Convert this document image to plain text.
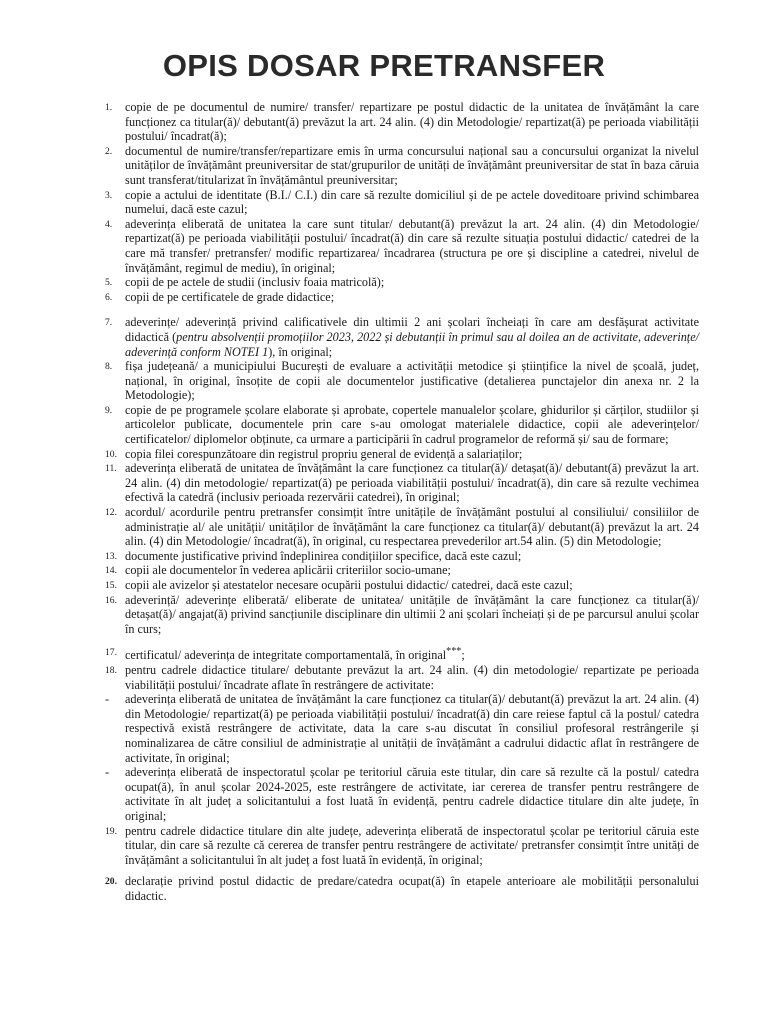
OPIS DOSAR PRETRANSFER
1. copie de pe documentul de numire/ transfer/ repartizare pe postul didactic de la unitatea de învățământ la care funcționez ca titular(ă)/ debutant(ă) prevăzut la art. 24 alin. (4) din Metodologie/ repartizat(ă) pe perioada viabilității postului/ încadrat(ă);
2. documentul de numire/transfer/repartizare emis în urma concursului național sau a concursului organizat la nivelul unităților de învățământ preuniversitar de stat/grupurilor de unități de învățământ preuniversitar de stat în baza căruia sunt transferat/titularizat în învățământul preuniversitar;
3. copie a actului de identitate (B.I./ C.I.) din care să rezulte domiciliul și de pe actele doveditoare privind schimbarea numelui, dacă este cazul;
4. adeverința eliberată de unitatea la care sunt titular/ debutant(ă) prevăzut la art. 24 alin. (4) din Metodologie/ repartizat(ă) pe perioada viabilității postului/ încadrat(ă) din care să rezulte situația postului didactic/ catedrei de la care mă transfer/ pretransfer/ modific repartizarea/ încadrarea (structura pe ore și discipline a catedrei, nivelul de învățământ, regimul de mediu), în original;
5. copii de pe actele de studii (inclusiv foaia matricolă);
6. copii de pe certificatele de grade didactice;
7. adeverințe/ adeverință privind calificativele din ultimii 2 ani școlari încheiați în care am desfășurat activitate didactică (pentru absolvenții promoțiilor 2023, 2022 și debutanții în primul sau al doilea an de activitate, adeverințe/ adeverință conform NOTEI 1), în original;
8. fișa județeană/ a municipiului București de evaluare a activității metodice și științifice la nivel de școală, județ, național, în original, însoțite de copii ale documentelor justificative (detalierea punctajelor din anexa nr. 2 la Metodologie);
9. copie de pe programele școlare elaborate și aprobate, copertele manualelor școlare, ghidurilor și cărților, studiilor și articolelor publicate, documentele prin care s-au omologat materialele didactice, copii ale adeverințelor/ certificatelor/ diplomelor obținute, ca urmare a participării în cadrul programelor de reformă și/ sau de formare;
10. copia filei corespunzătoare din registrul propriu general de evidență a salariaților;
11. adeverința eliberată de unitatea de învățământ la care funcționez ca titular(ă)/ detașat(ă)/ debutant(ă) prevăzut la art. 24 alin. (4) din metodologie/ repartizat(ă) pe perioada viabilității postului/ încadrat(ă), din care să rezulte vechimea efectivă la catedră (inclusiv perioada rezervării catedrei), în original;
12. acordul/ acordurile pentru pretransfer consimțit între unitățile de învățământ postului al consiliului/ consiliilor de administrație al/ ale unității/ unităților de învățământ la care funcționez ca titular(ă)/ debutant(ă) prevăzut la art. 24 alin. (4) din Metodologie/ încadrat(ă), în original, cu respectarea prevederilor art.54 alin. (5) din Metodologie;
13. documente justificative privind îndeplinirea condițiilor specifice, dacă este cazul;
14. copii ale documentelor în vederea aplicării criteriilor socio-umane;
15. copii ale avizelor și atestatelor necesare ocupării postului didactic/ catedrei, dacă este cazul;
16. adeverință/ adeverințe eliberată/ eliberate de unitatea/ unitățile de învățământ la care funcționez ca titular(ă)/ detașat(ă)/ angajat(ă) privind sancțiunile disciplinare din ultimii 2 ani școlari încheiați și de pe parcursul anului școlar în curs;
17. certificatul/ adeverința de integritate comportamentală, în original***;
18. pentru cadrele didactice titulare/ debutante prevăzut la art. 24 alin. (4) din metodologie/ repartizate pe perioada viabilității postului/ încadrate aflate în restrângere de activitate:
- adeverința eliberată de unitatea de învățământ la care funcționez ca titular(ă)/ debutant(ă) prevăzut la art. 24 alin. (4) din Metodologie/ repartizat(ă) pe perioada viabilității postului/ încadrat(ă) din care reiese faptul că la postul/ catedra respectivă există restrângere de activitate, data la care s-au discutat în consiliul profesoral restrângerile și nominalizarea de către consiliul de administrație al unității de învățământ a cadrului didactic aflat în restrângere de activitate, în original;
- adeverința eliberată de inspectoratul școlar pe teritoriul căruia este titular, din care să rezulte că la postul/ catedra ocupat(ă), în anul școlar 2024-2025, este restrângere de activitate, iar cererea de transfer pentru restrângere de activitate în alt județ a solicitantului a fost luată în evidență, pentru cadrele didactice titulare din alte județe, în original;
19. pentru cadrele didactice titulare din alte județe, adeverința eliberată de inspectoratul școlar pe teritoriul căruia este titular, din care să rezulte că cererea de transfer pentru restrângere de activitate/ pretransfer consimțit între unități de învățământ a solicitantului în alt județ a fost luată în evidență, în original;
20. declarație privind postul didactic de predare/catedra ocupat(ă) în etapele anterioare ale mobilității personalului didactic.
